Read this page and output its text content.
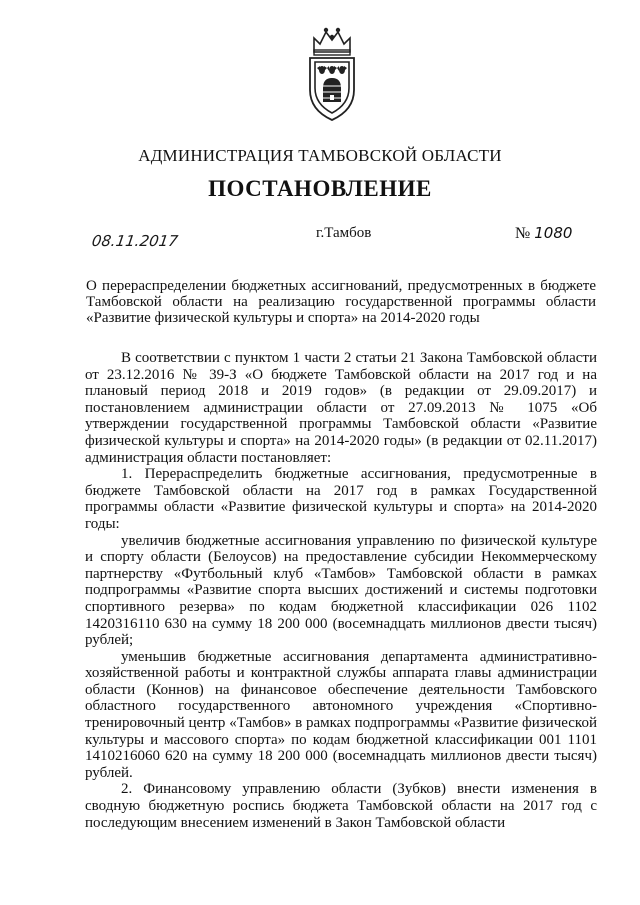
АДМИНИСТРАЦИЯ ТАМБОВСКОЙ ОБЛАСТИ
ПОСТАНОВЛЕНИЕ
08.11.2017	г.Тамбов	№ 1080
О перераспределении бюджетных ассигнований, предусмотренных в бюджете Тамбовской области на реализацию государственной программы области «Развитие физической культуры и спорта» на 2014-2020 годы

В соответствии с пунктом 1 части 2 статьи 21 Закона Тамбовской области от 23.12.2016 № 39-З «О бюджете Тамбовской области на 2017 год и на плановый период 2018 и 2019 годов» (в редакции от 29.09.2017) и постановлением администрации области от 27.09.2013 № 1075 «Об утверждении государственной программы Тамбовской области «Развитие физической культуры и спорта» на 2014-2020 годы» (в редакции от 02.11.2017) администрация области постановляет:

1. Перераспределить бюджетные ассигнования, предусмотренные в бюджете Тамбовской области на 2017 год в рамках Государственной программы области «Развитие физической культуры и спорта» на 2014-2020 годы:

увеличив бюджетные ассигнования управлению по физической культуре и спорту области (Белоусов) на предоставление субсидии Некоммерческому партнерству «Футбольный клуб «Тамбов» Тамбовской области в рамках подпрограммы «Развитие спорта высших достижений и системы подготовки спортивного резерва» по кодам бюджетной классификации 026 1102 1420316110 630 на сумму 18 200 000 (восемнадцать миллионов двести тысяч) рублей;

уменьшив бюджетные ассигнования департамента административно-хозяйственной работы и контрактной службы аппарата главы администрации области (Коннов) на финансовое обеспечение деятельности Тамбовского областного государственного автономного учреждения «Спортивно-тренировочный центр «Тамбов» в рамках подпрограммы «Развитие физической культуры и массового спорта» по кодам бюджетной классификации 001 1101 1410216060 620 на сумму 18 200 000 (восемнадцать миллионов двести тысяч) рублей.

2. Финансовому управлению области (Зубков) внести изменения в сводную бюджетную роспись бюджета Тамбовской области на 2017 год с последующим внесением изменений в Закон Тамбовской области
